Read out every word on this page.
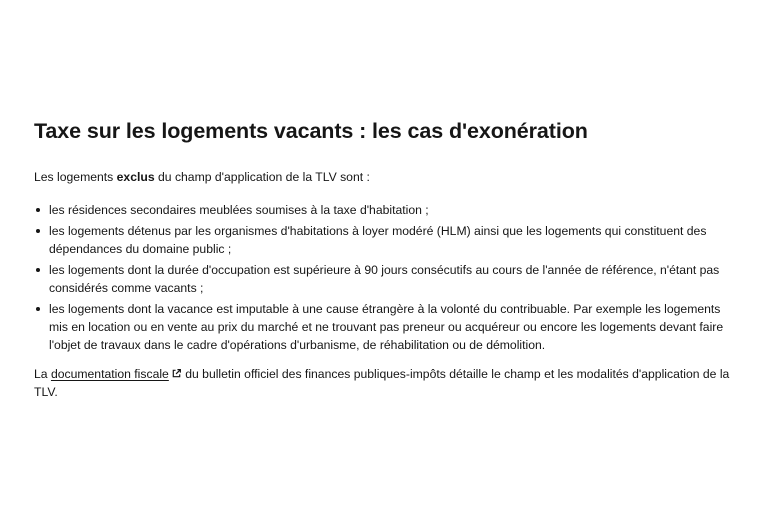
Taxe sur les logements vacants : les cas d'exonération

Les logements exclus du champ d'application de la TLV sont :

les résidences secondaires meublées soumises à la taxe d'habitation ;
les logements détenus par les organismes d'habitations à loyer modéré (HLM) ainsi que les logements qui constituent des dépendances du domaine public ;
les logements dont la durée d'occupation est supérieure à 90 jours consécutifs au cours de l'année de référence, n'étant pas considérés comme vacants ;
les logements dont la vacance est imputable à une cause étrangère à la volonté du contribuable. Par exemple les logements mis en location ou en vente au prix du marché et ne trouvant pas preneur ou acquéreur ou encore les logements devant faire l'objet de travaux dans le cadre d'opérations d'urbanisme, de réhabilitation ou de démolition.

La documentation fiscale du bulletin officiel des finances publiques-impôts détaille le champ et les modalités d'application de la TLV.
